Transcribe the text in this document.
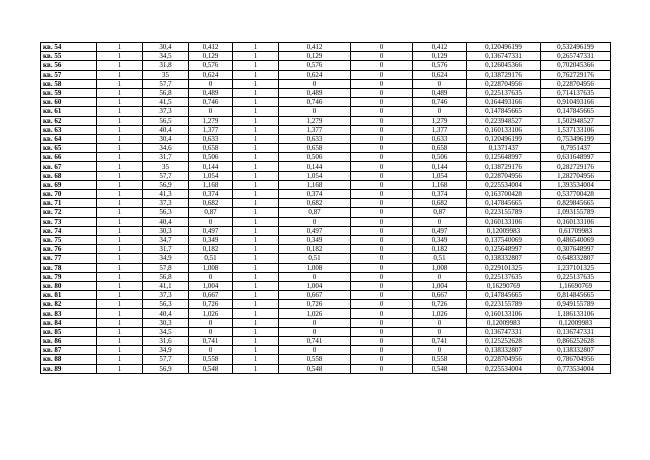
кв. 54	1	30,4	0,412	1	0,412	0	0,412	0,120496199	0,532496199
кв. 55	1	34,5	0,129	1	0,129	0	0,129	0,136747331	0,265747331
кв. 56	1	31,8	0,576	1	0,576	0	0,576	0,126045366	0,702045366
кв. 57	1	35	0,624	1	0,624	0	0,624	0,138729176	0,762729176
кв. 58	1	57,7	0	1	0	0	0	0,228704956	0,228704956
кв. 59	1	56,8	0,489	1	0,489	0	0,489	0,225137635	0,714137635
кв. 60	1	41,5	0,746	1	0,746	0	0,746	0,164493166	0,910493166
кв. 61	1	37,3	0	1	0	0	0	0,147845665	0,147845665
кв. 62	1	56,5	1,279	1	1,279	0	1,279	0,223948527	1,502948527
кв. 63	1	40,4	1,377	1	1,377	0	1,377	0,160133106	1,537133106
кв. 64	1	30,4	0,633	1	0,633	0	0,633	0,120496199	0,753496199
кв. 65	1	34,6	0,658	1	0,658	0	0,658	0,1371437	0,7951437
кв. 66	1	31,7	0,506	1	0,506	0	0,506	0,125648997	0,631648997
кв. 67	1	35	0,144	1	0,144	0	0,144	0,138729176	0,282729176
кв. 68	1	57,7	1,054	1	1,054	0	1,054	0,228704956	1,282704956
кв. 69	1	56,9	1,168	1	1,168	0	1,168	0,225534004	1,393534004
кв. 70	1	41,3	0,374	1	0,374	0	0,374	0,163700428	0,537700428
кв. 71	1	37,3	0,682	1	0,682	0	0,682	0,147845665	0,829845665
кв. 72	1	56,3	0,87	1	0,87	0	0,87	0,223155789	1,093155789
кв. 73	1	40,4	0	1	0	0	0	0,160133106	0,160133106
кв. 74	1	30,3	0,497	1	0,497	0	0,497	0,12009983	0,61709983
кв. 75	1	34,7	0,349	1	0,349	0	0,349	0,137540069	0,486540069
кв. 76	1	31,7	0,182	1	0,182	0	0,182	0,125648997	0,307648997
кв. 77	1	34,9	0,51	1	0,51	0	0,51	0,138332807	0,648332807
кв. 78	1	57,8	1,008	1	1,008	0	1,008	0,229101325	1,237101325
кв. 79	1	56,8	0	1	0	0	0	0,225137635	0,225137635
кв. 80	1	41,1	1,004	1	1,004	0	1,004	0,16290769	1,16690769
кв. 81	1	37,3	0,667	1	0,667	0	0,667	0,147845665	0,814845665
кв. 82	1	56,3	0,726	1	0,726	0	0,726	0,223155789	0,949155789
кв. 83	1	40,4	1,026	1	1,026	0	1,026	0,160133106	1,186133106
кв. 84	1	30,3	0	1	0	0	0	0,12009983	0,12009983
кв. 85	1	34,5	0	1	0	0	0	0,136747331	0,136747331
кв. 86	1	31,6	0,741	1	0,741	0	0,741	0,125252628	0,866252628
кв. 87	1	34,9	0	1	0	0	0	0,138332807	0,138332807
кв. 88	1	57,7	0,558	1	0,558	0	0,558	0,228704956	0,786704956
кв. 89	1	56,9	0,548	1	0,548	0	0,548	0,225534004	0,773534004
